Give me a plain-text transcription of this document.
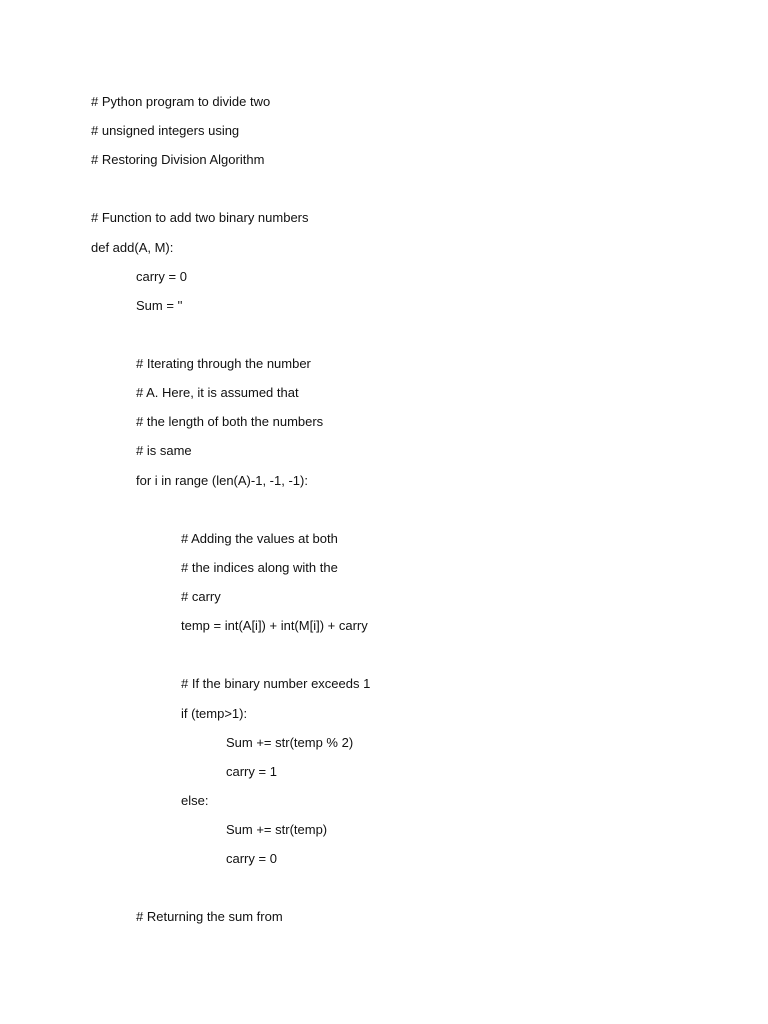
# Python program to divide two
# unsigned integers using
# Restoring Division Algorithm
# Function to add two binary numbers
def add(A, M):
carry = 0
Sum = ''
# Iterating through the number
# A. Here, it is assumed that
# the length of both the numbers
# is same
for i in range (len(A)-1, -1, -1):
# Adding the values at both
# the indices along with the
# carry
temp = int(A[i]) + int(M[i]) + carry
# If the binary number exceeds 1
if (temp>1):
Sum += str(temp % 2)
carry = 1
else:
Sum += str(temp)
carry = 0
# Returning the sum from
